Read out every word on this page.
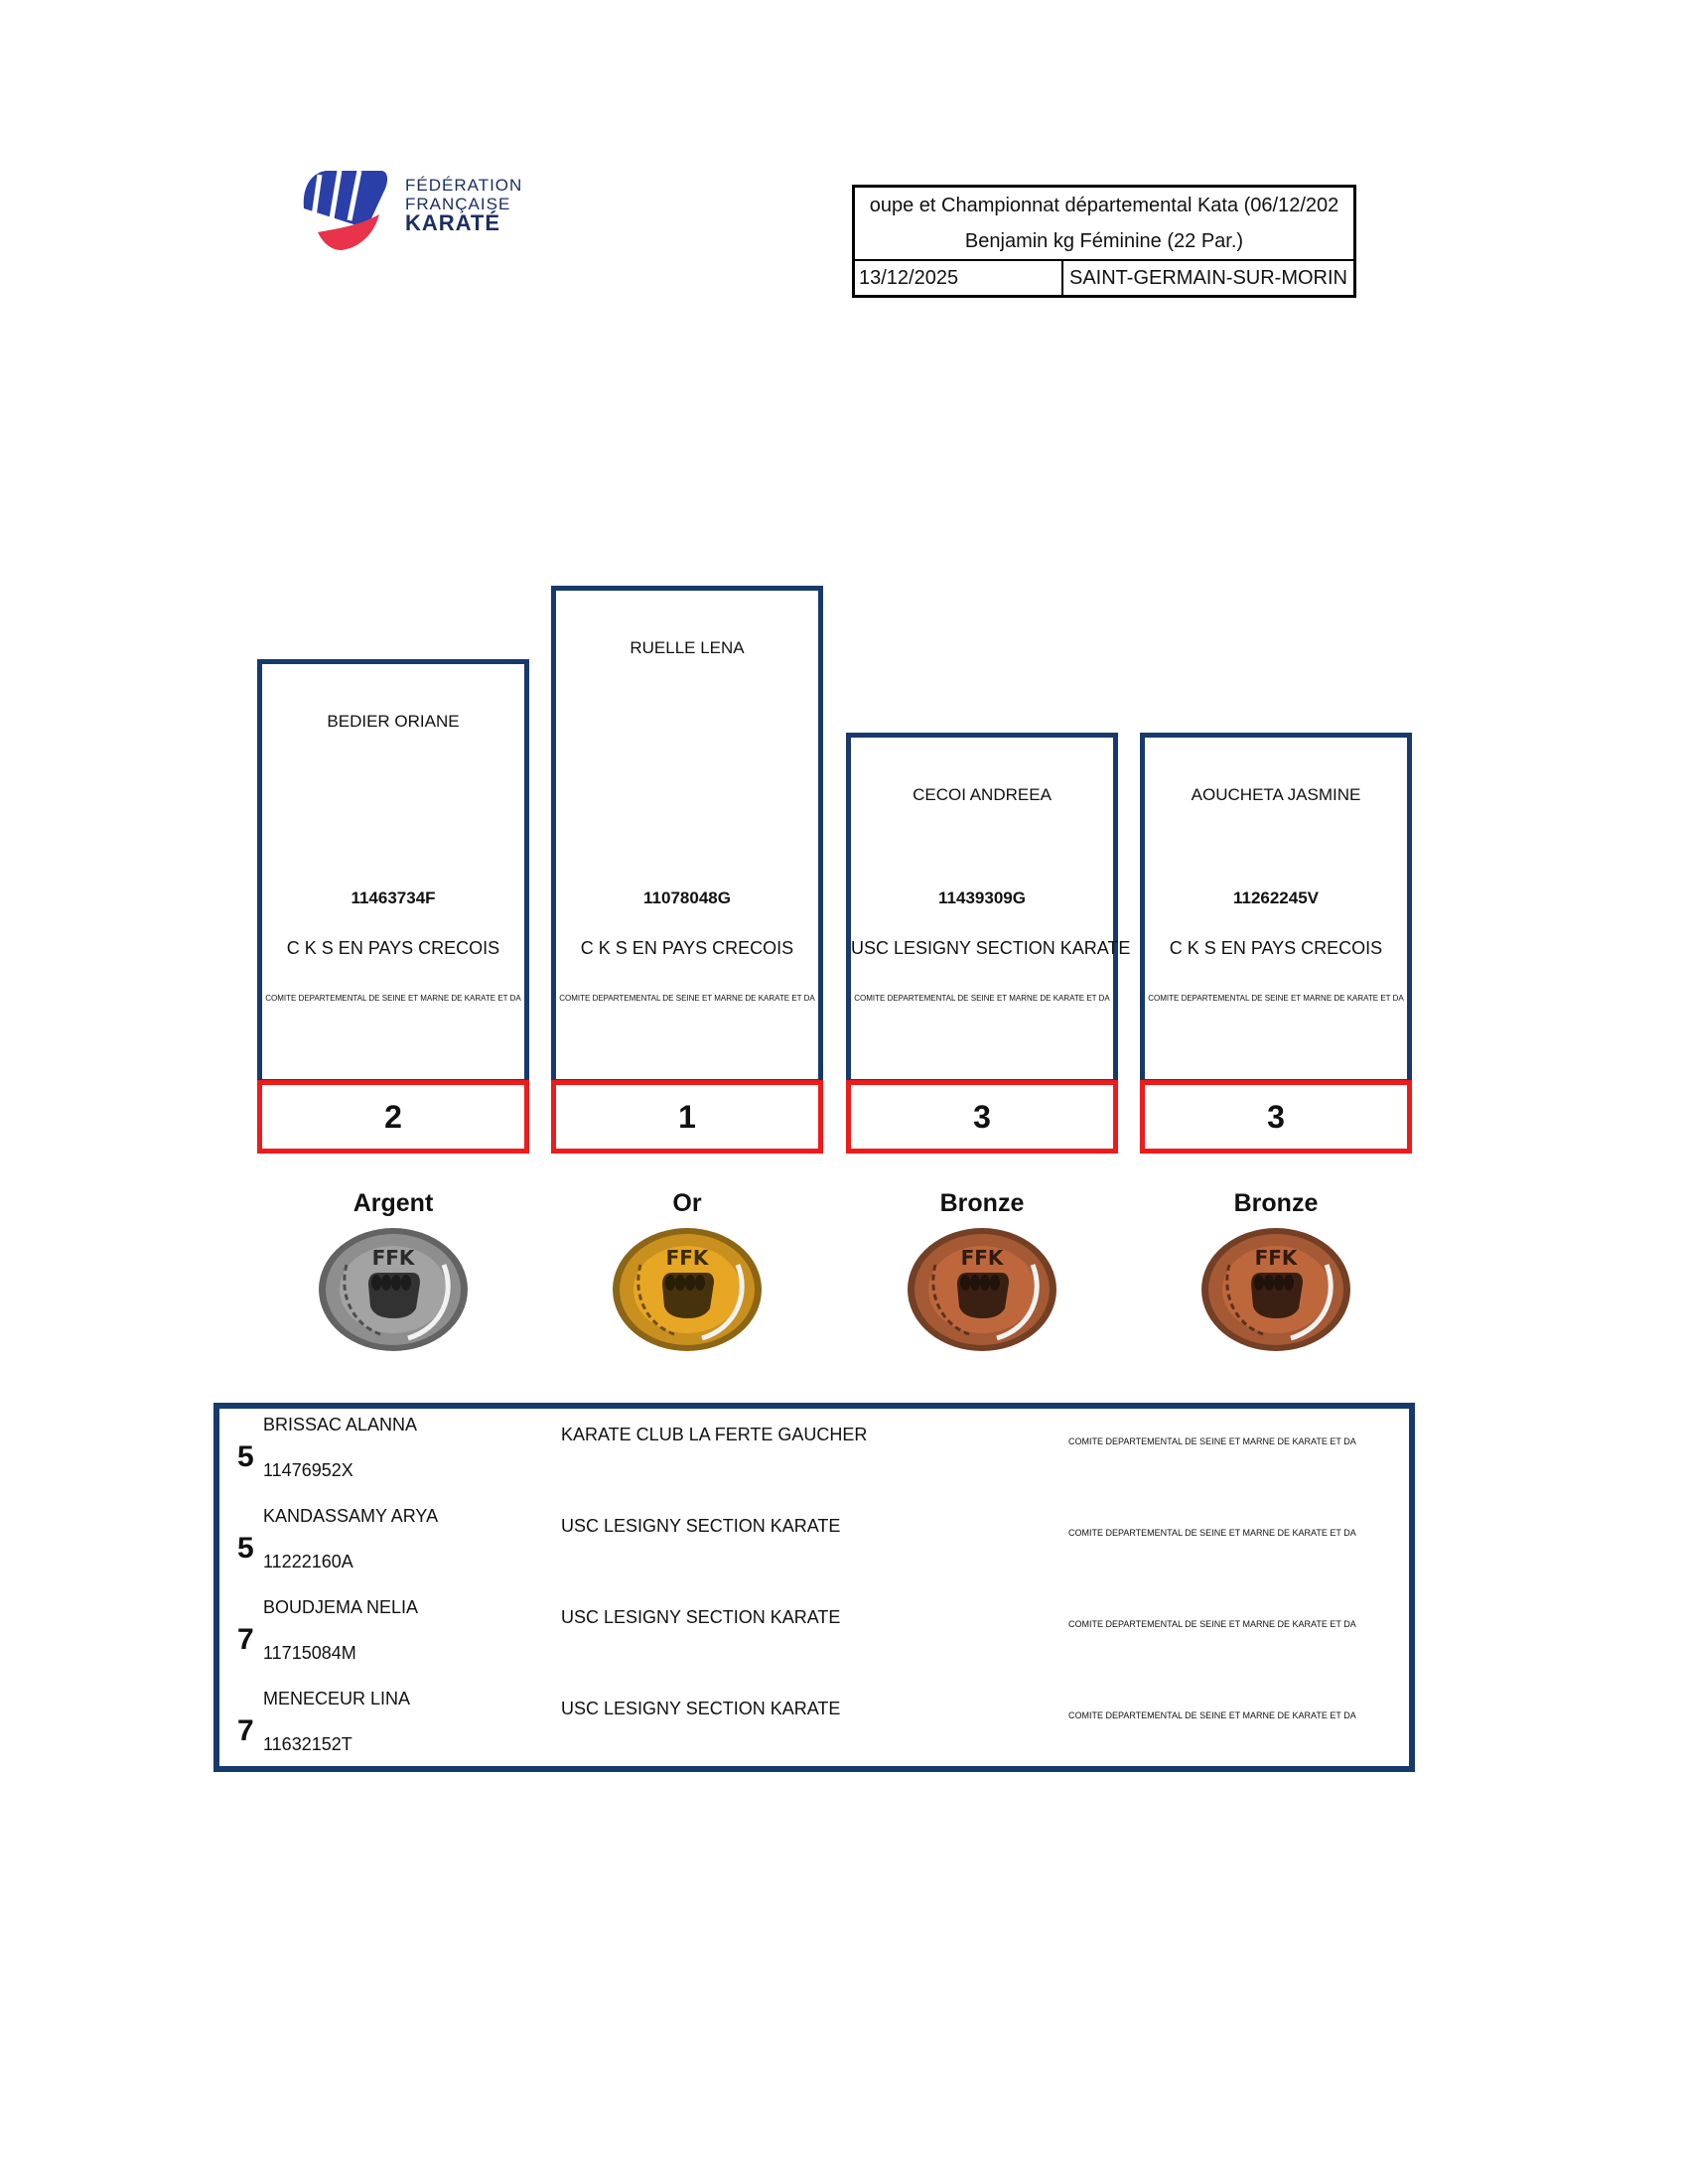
FÉDÉRATION
FRANÇAISE
KARATÉ
oupe et Championnat départemental Kata (06/12/202
Benjamin kg Féminine (22 Par.)
13/12/2025	SAINT-GERMAIN-SUR-MORIN
BEDIER ORIANE
11463734F
C K S EN PAYS CRECOIS
COMITE DEPARTEMENTAL DE SEINE ET MARNE DE KARATE ET DA
2
RUELLE LENA
11078048G
C K S EN PAYS CRECOIS
COMITE DEPARTEMENTAL DE SEINE ET MARNE DE KARATE ET DA
1
CECOI ANDREEA
11439309G
USC LESIGNY SECTION KARATE
COMITE DEPARTEMENTAL DE SEINE ET MARNE DE KARATE ET DA
3
AOUCHETA JASMINE
11262245V
C K S EN PAYS CRECOIS
COMITE DEPARTEMENTAL DE SEINE ET MARNE DE KARATE ET DA
3
Argent	Or	Bronze	Bronze
FFK	FFK	FFK	FFK
5
BRISSAC ALANNA
11476952X
KARATE CLUB LA FERTE GAUCHER	COMITE DEPARTEMENTAL DE SEINE ET MARNE DE KARATE ET DA
5
KANDASSAMY ARYA
11222160A
USC LESIGNY SECTION KARATE	COMITE DEPARTEMENTAL DE SEINE ET MARNE DE KARATE ET DA
7
BOUDJEMA NELIA
11715084M
USC LESIGNY SECTION KARATE	COMITE DEPARTEMENTAL DE SEINE ET MARNE DE KARATE ET DA
7
MENECEUR LINA
11632152T
USC LESIGNY SECTION KARATE	COMITE DEPARTEMENTAL DE SEINE ET MARNE DE KARATE ET DA
